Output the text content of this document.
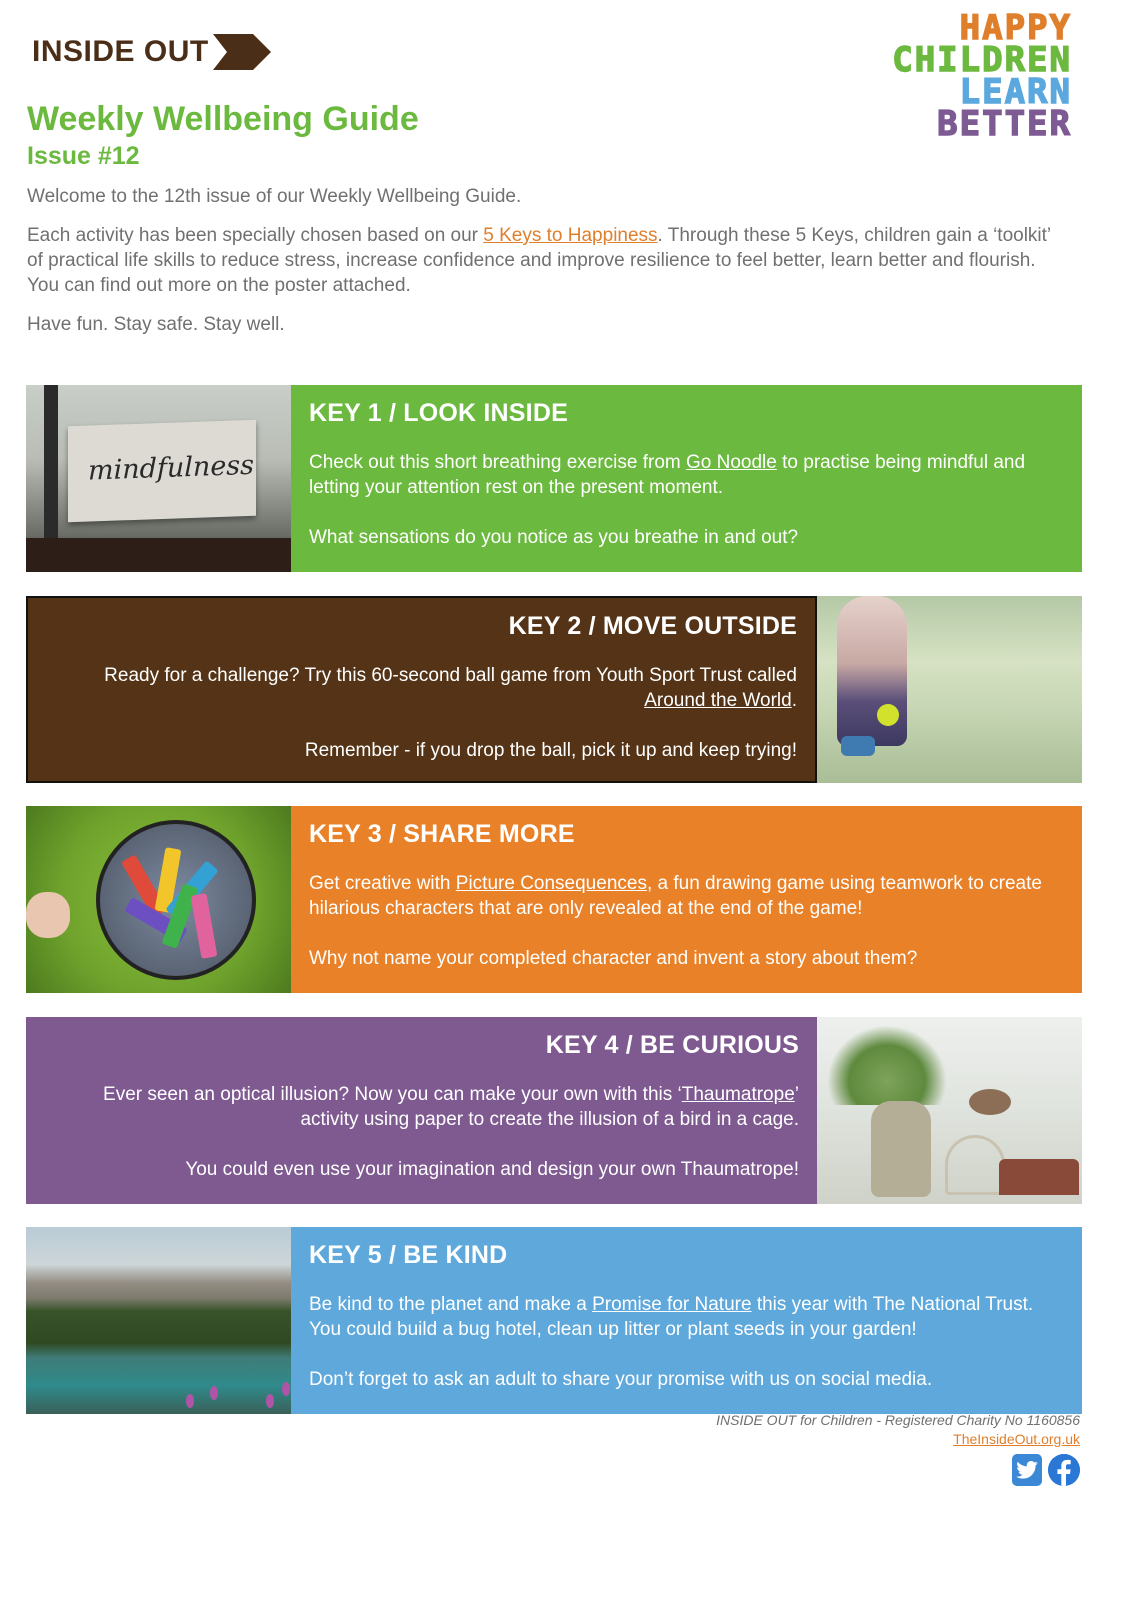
INSIDE OUT
HAPPY
CHILDREN
LEARN
BETTER
Weekly Wellbeing Guide
Issue #12

Welcome to the 12th issue of our Weekly Wellbeing Guide.

Each activity has been specially chosen based on our 5 Keys to Happiness. Through these 5 Keys, children gain a ‘toolkit’ of practical life skills to reduce stress, increase confidence and improve resilience to feel better, learn better and flourish. You can find out more on the poster attached.

Have fun. Stay safe. Stay well.

mindfulness
KEY 1 / LOOK INSIDE

Check out this short breathing exercise from Go Noodle to practise being mindful and letting your attention rest on the present moment.

What sensations do you notice as you breathe in and out?

KEY 2 / MOVE OUTSIDE

Ready for a challenge? Try this 60-second ball game from Youth Sport Trust called Around the World.

Remember - if you drop the ball, pick it up and keep trying!

KEY 3 / SHARE MORE

Get creative with Picture Consequences, a fun drawing game using teamwork to create hilarious characters that are only revealed at the end of the game!

Why not name your completed character and invent a story about them?

KEY 4 / BE CURIOUS

Ever seen an optical illusion? Now you can make your own with this ‘Thaumatrope’ activity using paper to create the illusion of a bird in a cage.

You could even use your imagination and design your own Thaumatrope!

KEY 5 / BE KIND

Be kind to the planet and make a Promise for Nature this year with The National Trust. You could build a bug hotel, clean up litter or plant seeds in your garden!

Don’t forget to ask an adult to share your promise with us on social media.

INSIDE OUT for Children - Registered Charity No 1160856
TheInsideOut.org.uk
